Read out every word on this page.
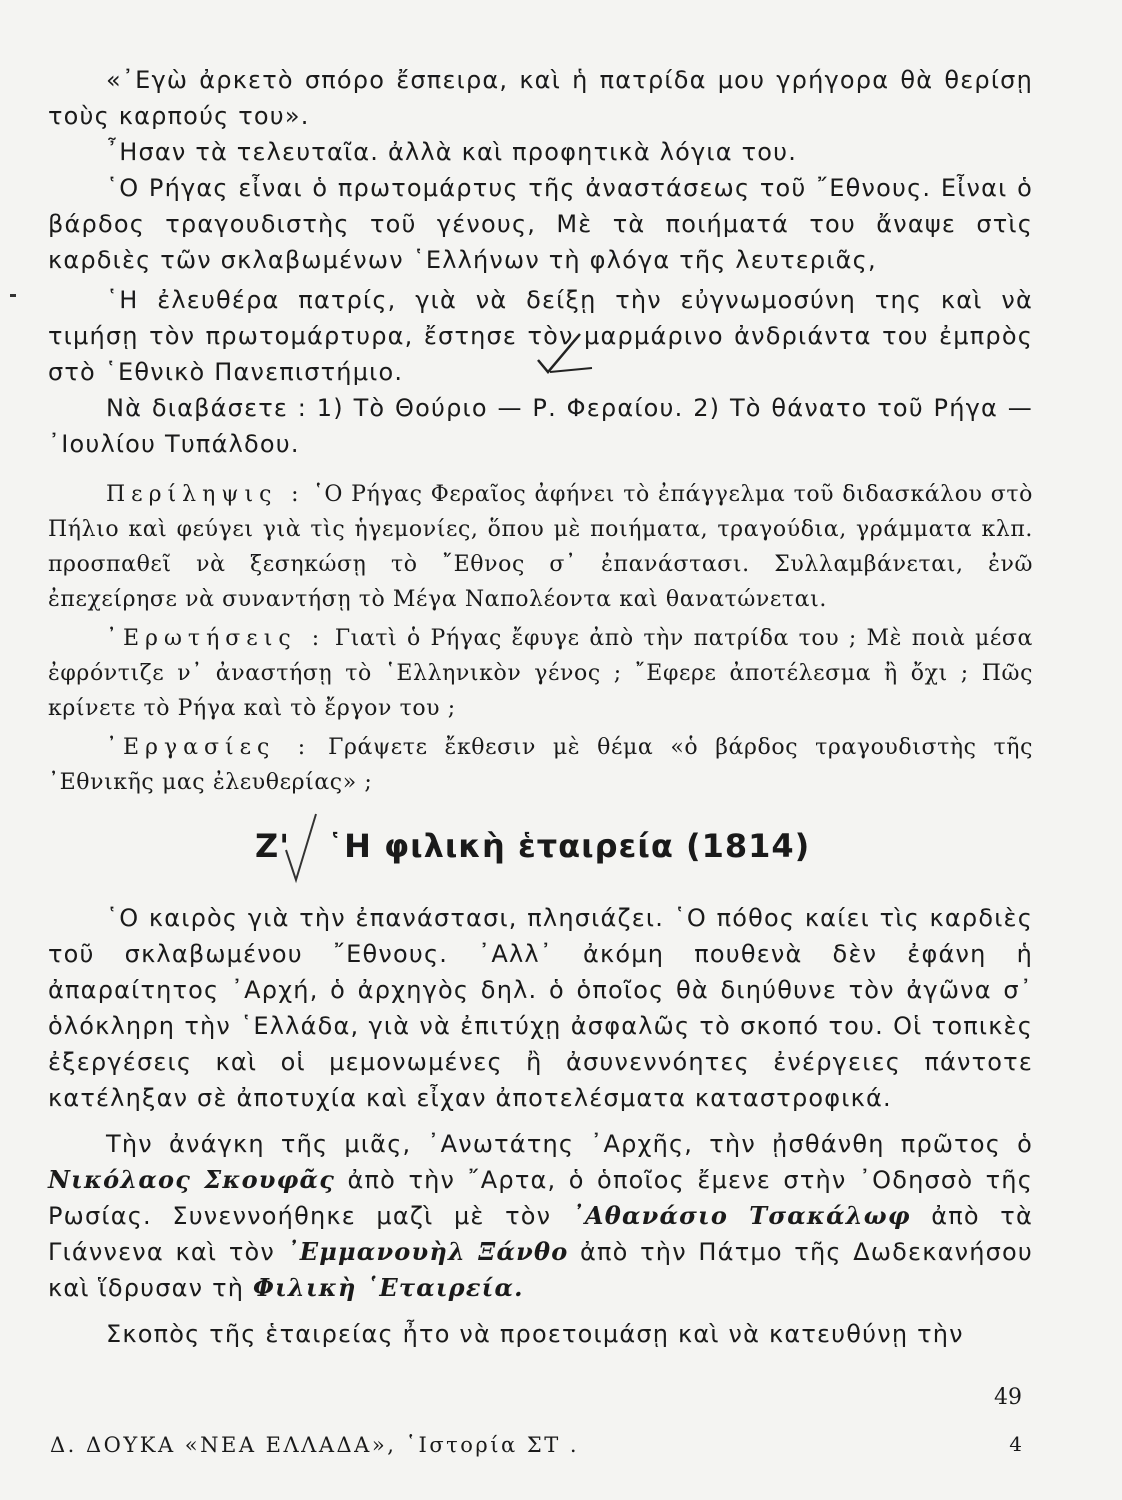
«᾿Εγὼ ἀρκετὸ σπόρο ἔσπειρα, καὶ ἡ πατρίδα μου γρήγορα θὰ θερίσῃ τοὺς καρπούς του».

῏Ησαν τὰ τελευταῖα. ἀλλὰ καὶ προφητικὰ λόγια του.

῾Ο Ρήγας εἶναι ὁ πρωτομάρτυς τῆς ἀναστάσεως τοῦ ῎Εθνους. Εἶναι ὁ βάρδος τραγουδιστὴς τοῦ γένους, Μὲ τὰ ποιήματά του ἄναψε στὶς καρδιὲς τῶν σκλαβωμένων ῾Ελλήνων τὴ φλόγα τῆς λευτεριᾶς,

῾Η ἐλευθέρα πατρίς, γιὰ νὰ δείξῃ τὴν εὐγνωμοσύνη της καὶ νὰ τιμήσῃ τὸν πρωτομάρτυρα, ἔστησε τὸν μαρμάρινο ἀνδριάντα του ἐμπρὸς στὸ ῾Εθνικὸ Πανεπιστήμιο.

Νὰ διαβάσετε : 1) Τὸ Θούριο — Ρ. Φεραίου. 2) Τὸ θάνατο τοῦ Ρήγα — ᾿Ιουλίου Τυπάλδου.

Περίληψις : ῾Ο Ρήγας Φεραῖος ἀφήνει τὸ ἐπάγγελμα τοῦ διδασκάλου στὸ Πήλιο καὶ φεύγει γιὰ τὶς ἡγεμονίες, ὅπου μὲ ποιήματα, τραγούδια, γράμματα κλπ. προσπαθεῖ νὰ ξεσηκώσῃ τὸ ῎Εθνος σ᾿ ἐπανάστασι. Συλλαμβάνεται, ἐνῶ ἐπεχείρησε νὰ συναντήσῃ τὸ Μέγα Ναπολέοντα καὶ θανατώνεται.

᾿Ερωτήσεις : Γιατὶ ὁ Ρήγας ἔφυγε ἀπὸ τὴν πατρίδα του ; Μὲ ποιὰ μέσα ἐφρόντιζε ν᾿ ἀναστήσῃ τὸ ῾Ελληνικὸν γένος ; ῎Εφερε ἀποτέλεσμα ἢ ὄχι ; Πῶς κρίνετε τὸ Ρήγα καὶ τὸ ἔργον του ;

᾿Εργασίες : Γράψετε ἔκθεσιν μὲ θέμα «ὁ βάρδος τραγουδιστὴς τῆς ᾿Εθνικῆς μας ἐλευθερίας» ;

Ζ' ῾Η φιλικὴ ἑταιρεία (1814)

῾Ο καιρὸς γιὰ τὴν ἐπανάστασι, πλησιάζει. ῾Ο πόθος καίει τὶς καρδιὲς τοῦ σκλαβωμένου ῎Εθνους. ᾿Αλλ᾿ ἀκόμη πουθενὰ δὲν ἐφάνη ἡ ἀπαραίτητος ᾿Αρχή, ὁ ἀρχηγὸς δηλ. ὁ ὁποῖος θὰ διηύθυνε τὸν ἀγῶνα σ᾿ ὁλόκληρη τὴν ῾Ελλάδα, γιὰ νὰ ἐπιτύχῃ ἀσφαλῶς τὸ σκοπό του. Οἱ τοπικὲς ἐξεργέσεις καὶ οἱ μεμονωμένες ἢ ἀσυνεννόητες ἐνέργειες πάντοτε κατέληξαν σὲ ἀποτυχία καὶ εἶχαν ἀποτελέσματα καταστροφικά.

Τὴν ἀνάγκη τῆς μιᾶς, ᾿Ανωτάτης ᾿Αρχῆς, τὴν ᾐσθάνθη πρῶτος ὁ Νικόλαος Σκουφᾶς ἀπὸ τὴν ῎Αρτα, ὁ ὁποῖος ἔμενε στὴν ᾿Οδησσὸ τῆς Ρωσίας. Συνεννοήθηκε μαζὶ μὲ τὸν ᾿Αθανάσιο Τσακάλωφ ἀπὸ τὰ Γιάννενα καὶ τὸν ᾿Εμμανουὴλ Ξάνθο ἀπὸ τὴν Πάτμο τῆς Δωδεκανήσου καὶ ἵδρυσαν τὴ Φιλικὴ ῾Εταιρεία.

Σκοπὸς τῆς ἑταιρείας ἦτο νὰ προετοιμάσῃ καὶ νὰ κατευθύνῃ τὴν

49
Δ. ΔΟΥΚΑ «ΝΕΑ ΕΛΛΑΔΑ», ῾Ιστορία ΣΤ .	4
